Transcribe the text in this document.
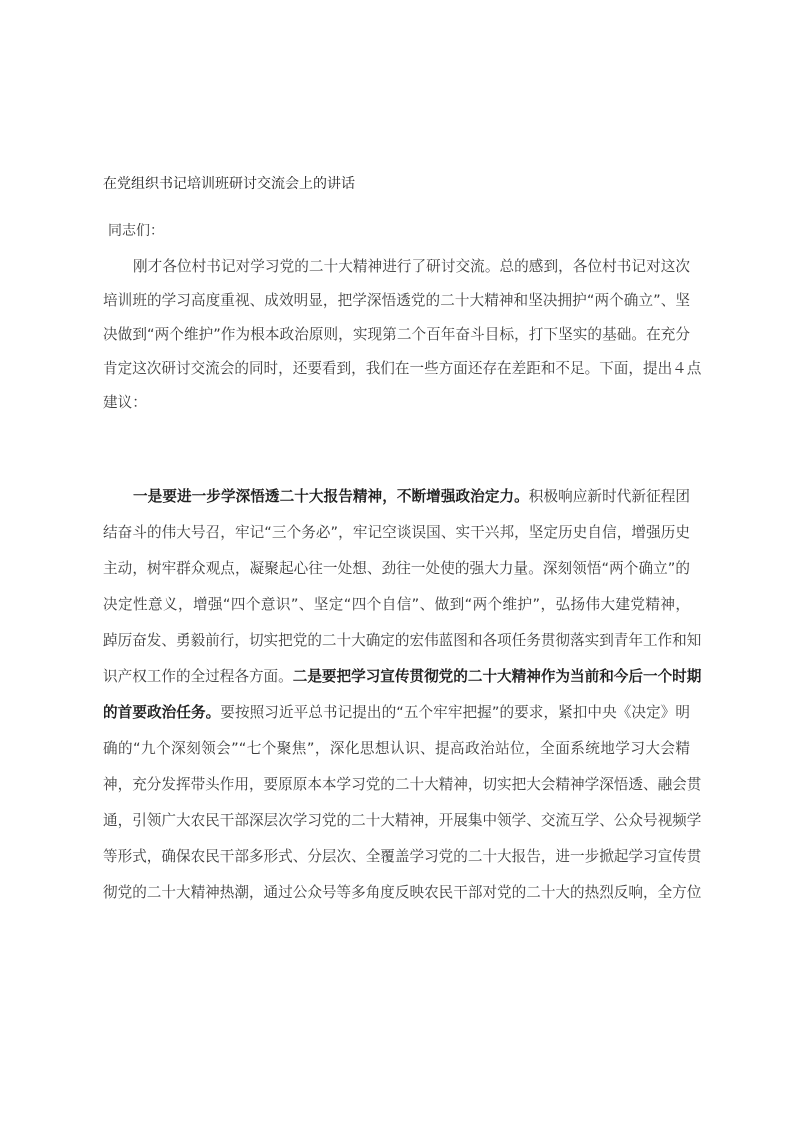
在党组织书记培训班研讨交流会上的讲话
同志们：
刚才各位村书记对学习党的二十大精神进行了研讨交流。总的感到，各位村书记对这次
培训班的学习高度重视、成效明显，把学深悟透党的二十大精神和坚决拥护“两个确立”、坚
决做到“两个维护”作为根本政治原则，实现第二个百年奋斗目标，打下坚实的基础。在充分
肯定这次研讨交流会的同时，还要看到，我们在一些方面还存在差距和不足。下面，提出４点
建议：
一是要进一步学深悟透二十大报告精神，不断增强政治定力。积极响应新时代新征程团
结奋斗的伟大号召，牢记“三个务必”，牢记空谈误国、实干兴邦，坚定历史自信，增强历史
主动，树牢群众观点，凝聚起心往一处想、劲往一处使的强大力量。深刻领悟“两个确立”的
决定性意义，增强“四个意识”、坚定“四个自信”、做到“两个维护”，弘扬伟大建党精神，
踔厉奋发、勇毅前行，切实把党的二十大确定的宏伟蓝图和各项任务贯彻落实到青年工作和知
识产权工作的全过程各方面。二是要把学习宣传贯彻党的二十大精神作为当前和今后一个时期
的首要政治任务。要按照习近平总书记提出的“五个牢牢把握”的要求，紧扣中央《决定》明
确的“九个深刻领会”“七个聚焦”，深化思想认识、提高政治站位，全面系统地学习大会精
神，充分发挥带头作用，要原原本本学习党的二十大精神，切实把大会精神学深悟透、融会贯
通，引领广大农民干部深层次学习党的二十大精神，开展集中领学、交流互学、公众号视频学
等形式，确保农民干部多形式、分层次、全覆盖学习党的二十大报告，进一步掀起学习宣传贯
彻党的二十大精神热潮，通过公众号等多角度反映农民干部对党的二十大的热烈反响，全方位
